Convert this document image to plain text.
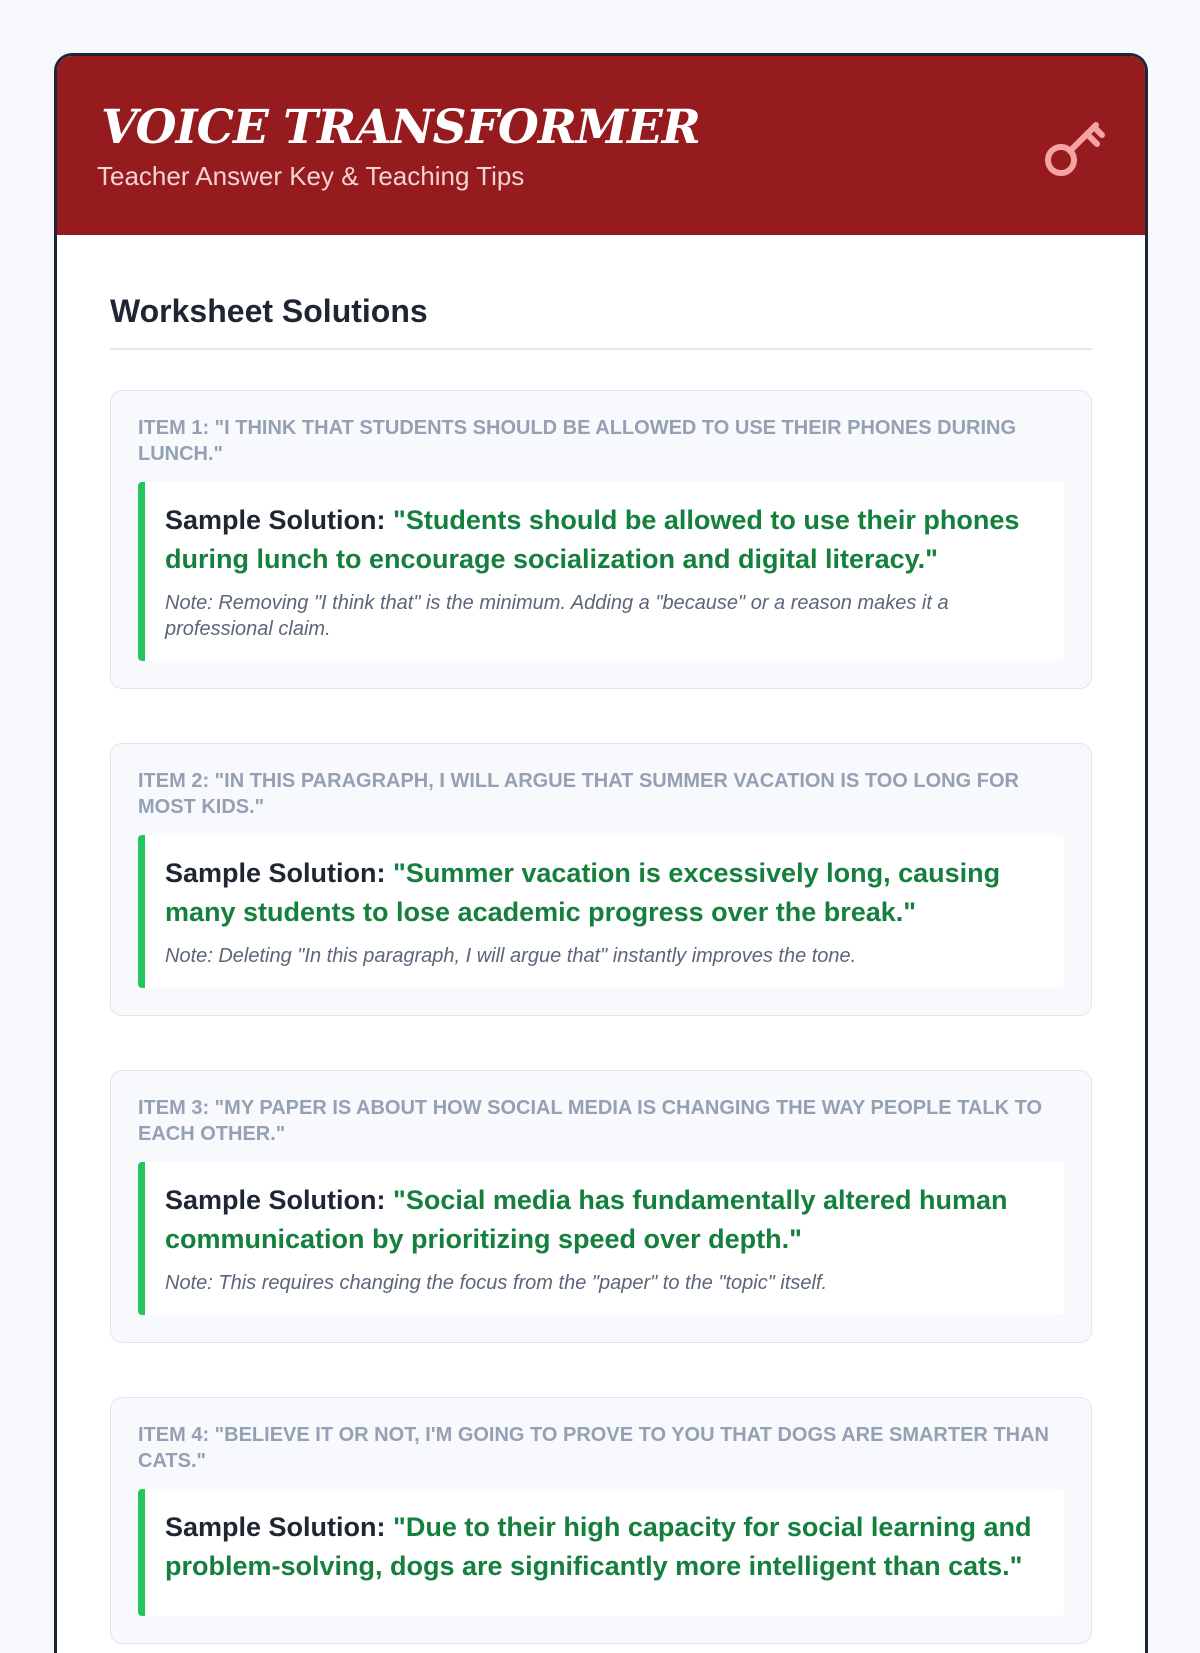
VOICE TRANSFORMER
Teacher Answer Key & Teaching Tips
Worksheet Solutions
ITEM 1: "I THINK THAT STUDENTS SHOULD BE ALLOWED TO USE THEIR PHONES DURING LUNCH."
Sample Solution: "Students should be allowed to use their phones during lunch to encourage socialization and digital literacy."
Note: Removing "I think that" is the minimum. Adding a "because" or a reason makes it a professional claim.
ITEM 2: "IN THIS PARAGRAPH, I WILL ARGUE THAT SUMMER VACATION IS TOO LONG FOR MOST KIDS."
Sample Solution: "Summer vacation is excessively long, causing many students to lose academic progress over the break."
Note: Deleting "In this paragraph, I will argue that" instantly improves the tone.
ITEM 3: "MY PAPER IS ABOUT HOW SOCIAL MEDIA IS CHANGING THE WAY PEOPLE TALK TO EACH OTHER."
Sample Solution: "Social media has fundamentally altered human communication by prioritizing speed over depth."
Note: This requires changing the focus from the "paper" to the "topic" itself.
ITEM 4: "BELIEVE IT OR NOT, I'M GOING TO PROVE TO YOU THAT DOGS ARE SMARTER THAN CATS."
Sample Solution: "Due to their high capacity for social learning and problem-solving, dogs are significantly more intelligent than cats."
